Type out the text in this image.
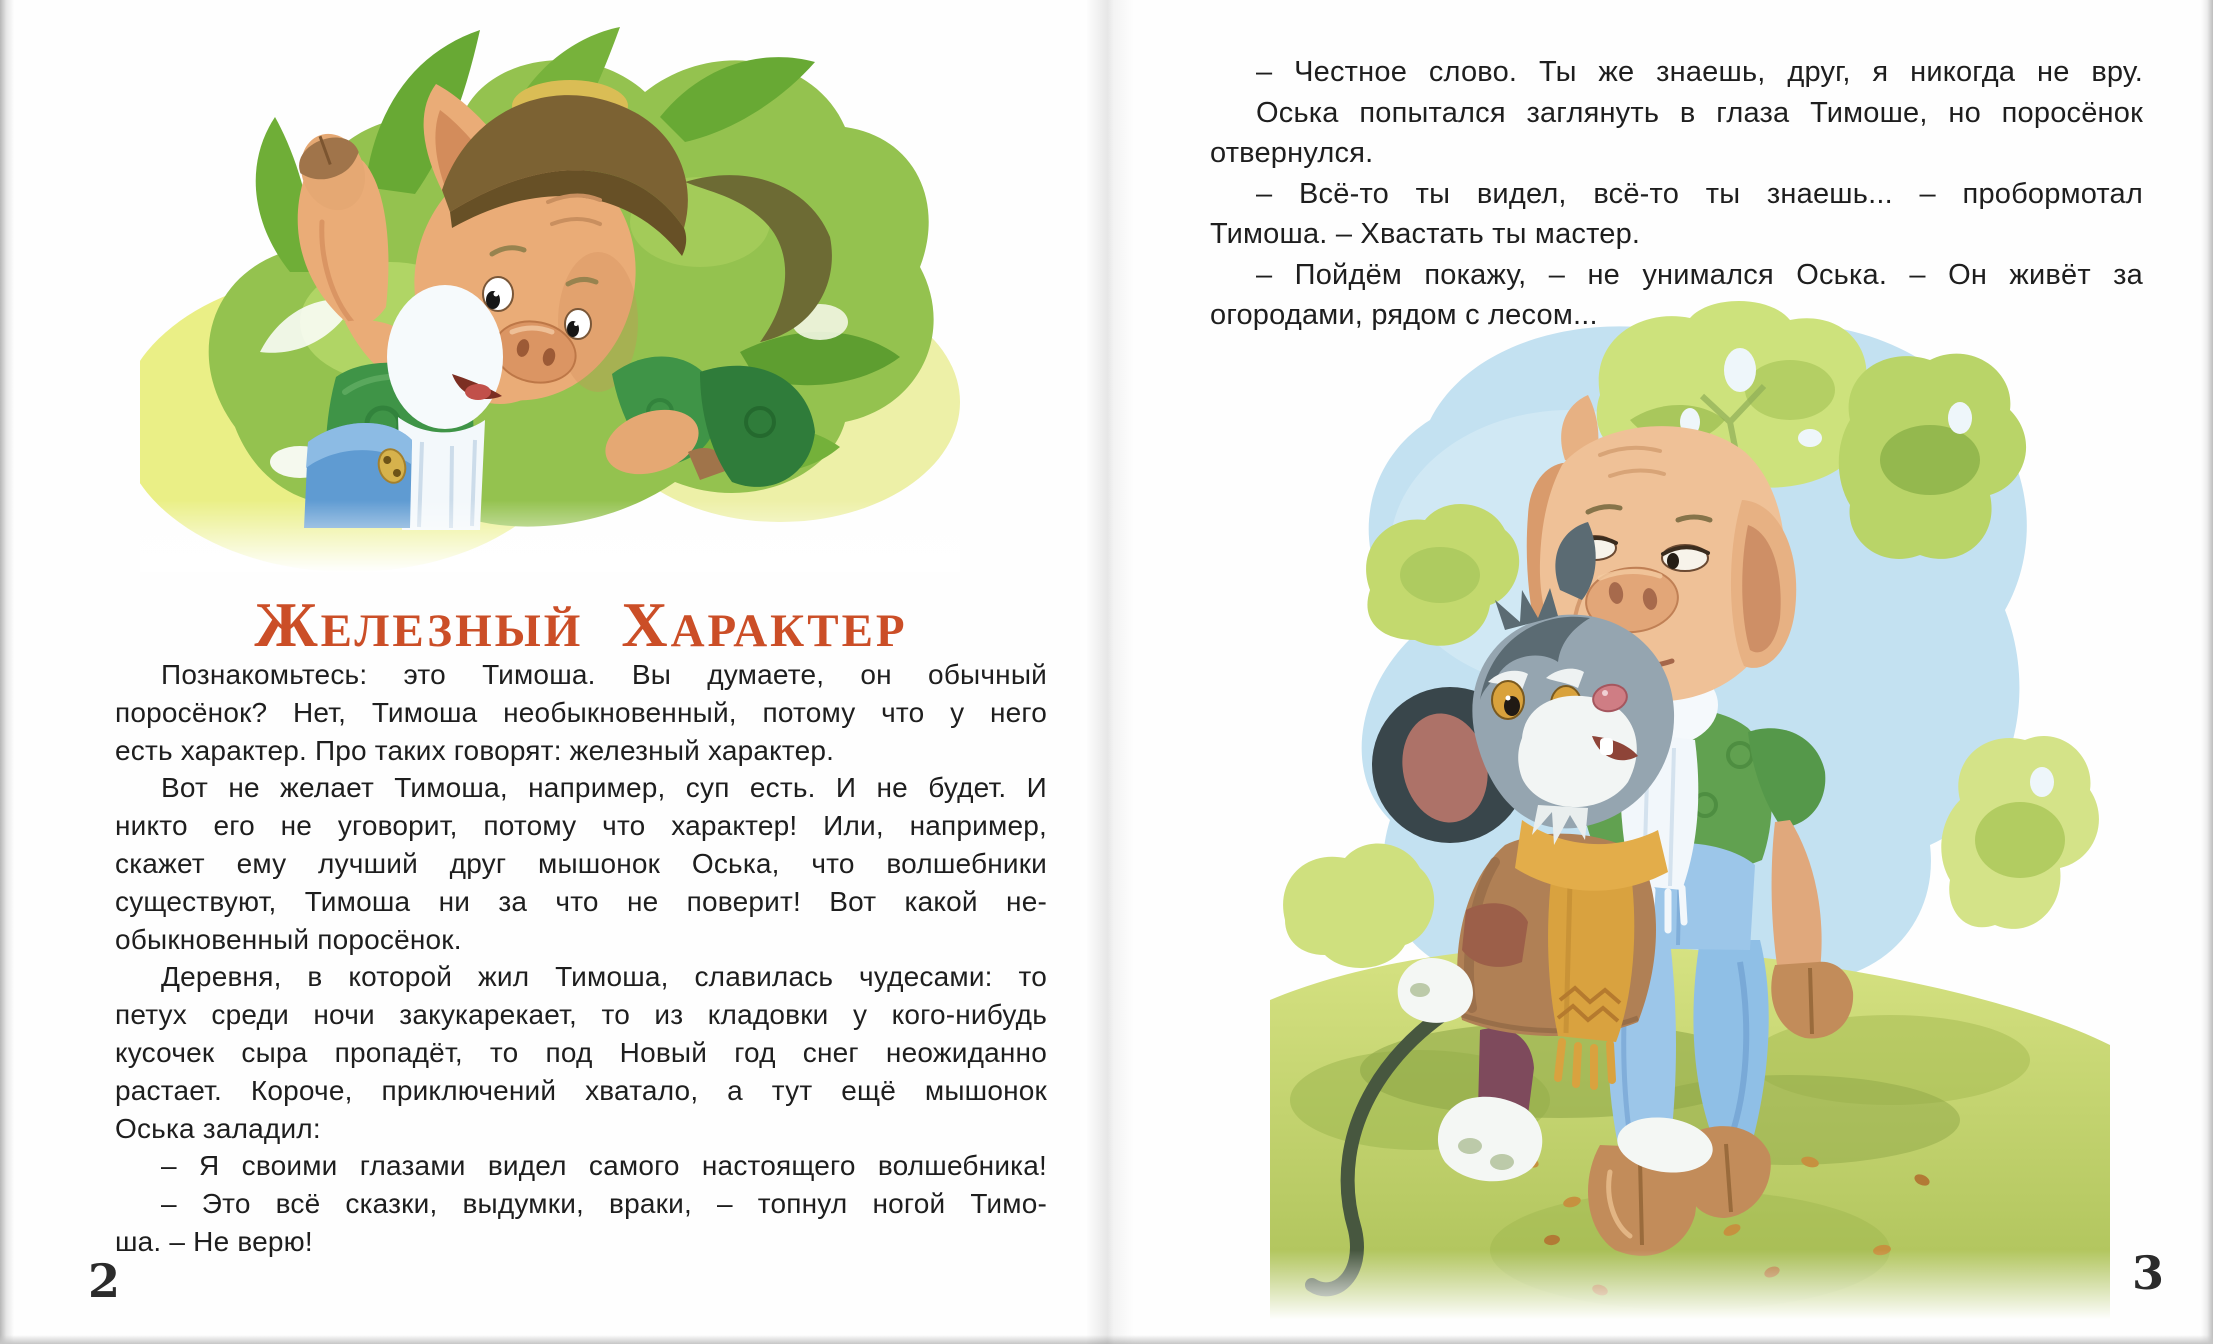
ЖЕЛЕЗНЫЙ ХАРАКТЕР
Познакомьтесь: это Тимоша. Вы думаете, он обычный
поросёнок? Нет, Тимоша необыкновенный, потому что у него
есть характер. Про таких говорят: железный характер.
Вот не желает Тимоша, например, суп есть. И не будет. И
никто его не уговорит, потому что характер! Или, например,
скажет ему лучший друг мышонок Оська, что волшебники
существуют, Тимоша ни за что не поверит! Вот какой не-
обыкновенный поросёнок.
Деревня, в которой жил Тимоша, славилась чудесами: то
петух среди ночи закукарекает, то из кладовки у кого-нибудь
кусочек сыра пропадёт, то под Новый год снег неожиданно
растает. Короче, приключений хватало, а тут ещё мышонок
Оська заладил:
– Я своими глазами видел самого настоящего волшебника!
– Это всё сказки, выдумки, враки, – топнул ногой Тимо-
ша. – Не верю!
– Честное слово. Ты же знаешь, друг, я никогда не вру.
Оська попытался заглянуть в глаза Тимоше, но поросёнок
отвернулся.
– Всё-то ты видел, всё-то ты знаешь... – пробормотал
Тимоша. – Хвастать ты мастер.
– Пойдём покажу, – не унимался Оська. – Он живёт за
огородами, рядом с лесом...
2	3
